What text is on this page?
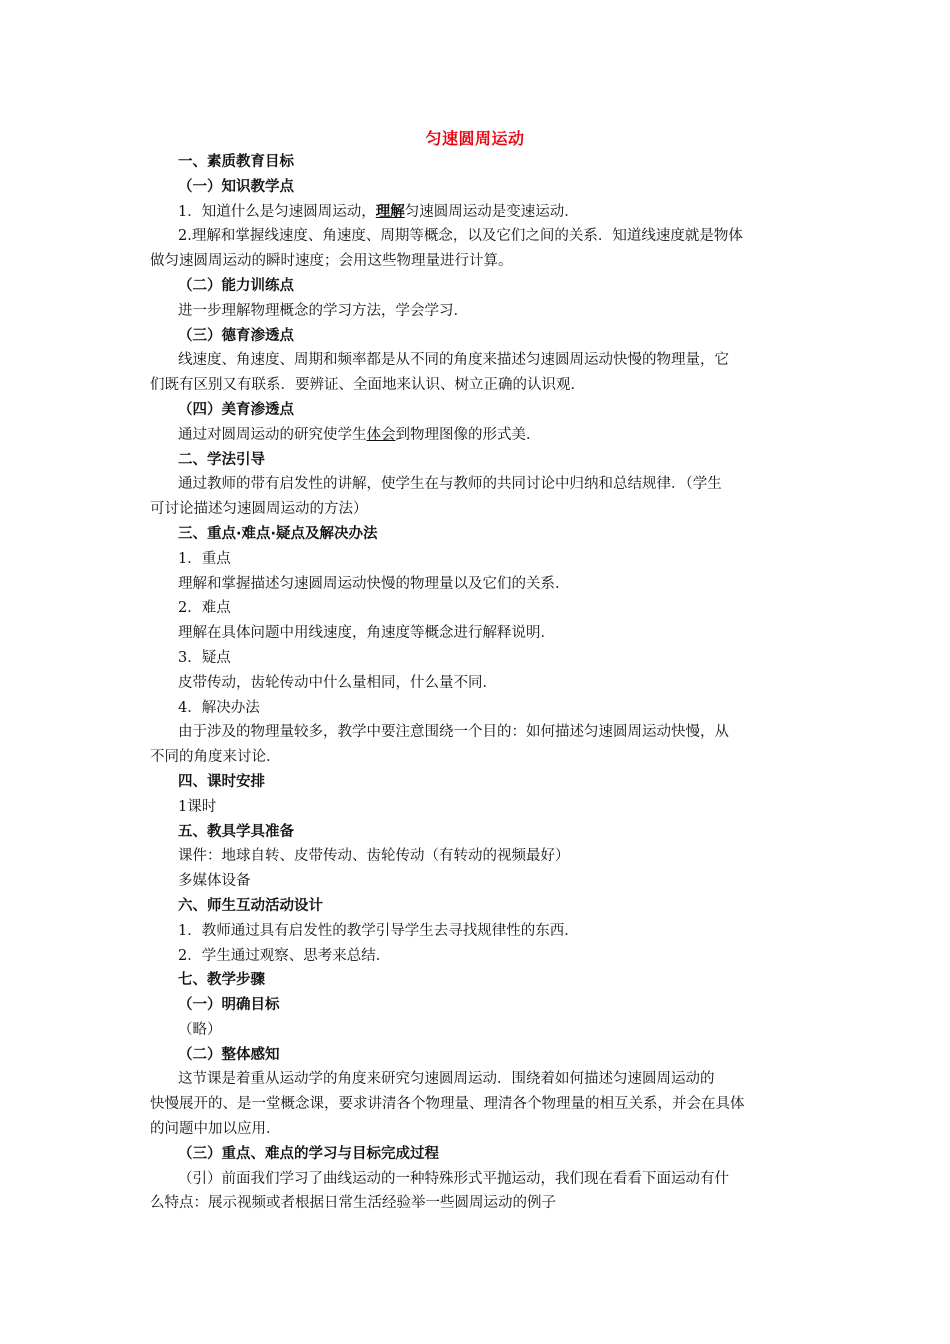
匀速圆周运动
一、素质教育目标
（一）知识教学点
1．知道什么是匀速圆周运动，理解匀速圆周运动是变速运动．
2.理解和掌握线速度、角速度、周期等概念，以及它们之间的关系．知道线速度就是物体
做匀速圆周运动的瞬时速度；会用这些物理量进行计算。
（二）能力训练点
进一步理解物理概念的学习方法，学会学习．
（三）德育渗透点
线速度、角速度、周期和频率都是从不同的角度来描述匀速圆周运动快慢的物理量，它
们既有区别又有联系．要辨证、全面地来认识、树立正确的认识观．
（四）美育渗透点
通过对圆周运动的研究使学生体会到物理图像的形式美．
二、学法引导
通过教师的带有启发性的讲解，使学生在与教师的共同讨论中归纳和总结规律．（学生
可讨论描述匀速圆周运动的方法）
三、重点·难点·疑点及解决办法
1．重点
理解和掌握描述匀速圆周运动快慢的物理量以及它们的关系．
2．难点
理解在具体问题中用线速度，角速度等概念进行解释说明．
3．疑点
皮带传动，齿轮传动中什么量相同，什么量不同．
4．解决办法
由于涉及的物理量较多，教学中要注意围绕一个目的：如何描述匀速圆周运动快慢，从
不同的角度来讨论．
四、课时安排
1课时
五、教具学具准备
课件：地球自转、皮带传动、齿轮传动（有转动的视频最好）
多媒体设备
六、师生互动活动设计
1．教师通过具有启发性的教学引导学生去寻找规律性的东西．
2．学生通过观察、思考来总结．
七、教学步骤
（一）明确目标
（略）
（二）整体感知
这节课是着重从运动学的角度来研究匀速圆周运动．围绕着如何描述匀速圆周运动的
快慢展开的、是一堂概念课，要求讲清各个物理量、理清各个物理量的相互关系，并会在具体
的问题中加以应用．
（三）重点、难点的学习与目标完成过程
（引）前面我们学习了曲线运动的一种特殊形式平抛运动，我们现在看看下面运动有什
么特点：展示视频或者根据日常生活经验举一些圆周运动的例子
